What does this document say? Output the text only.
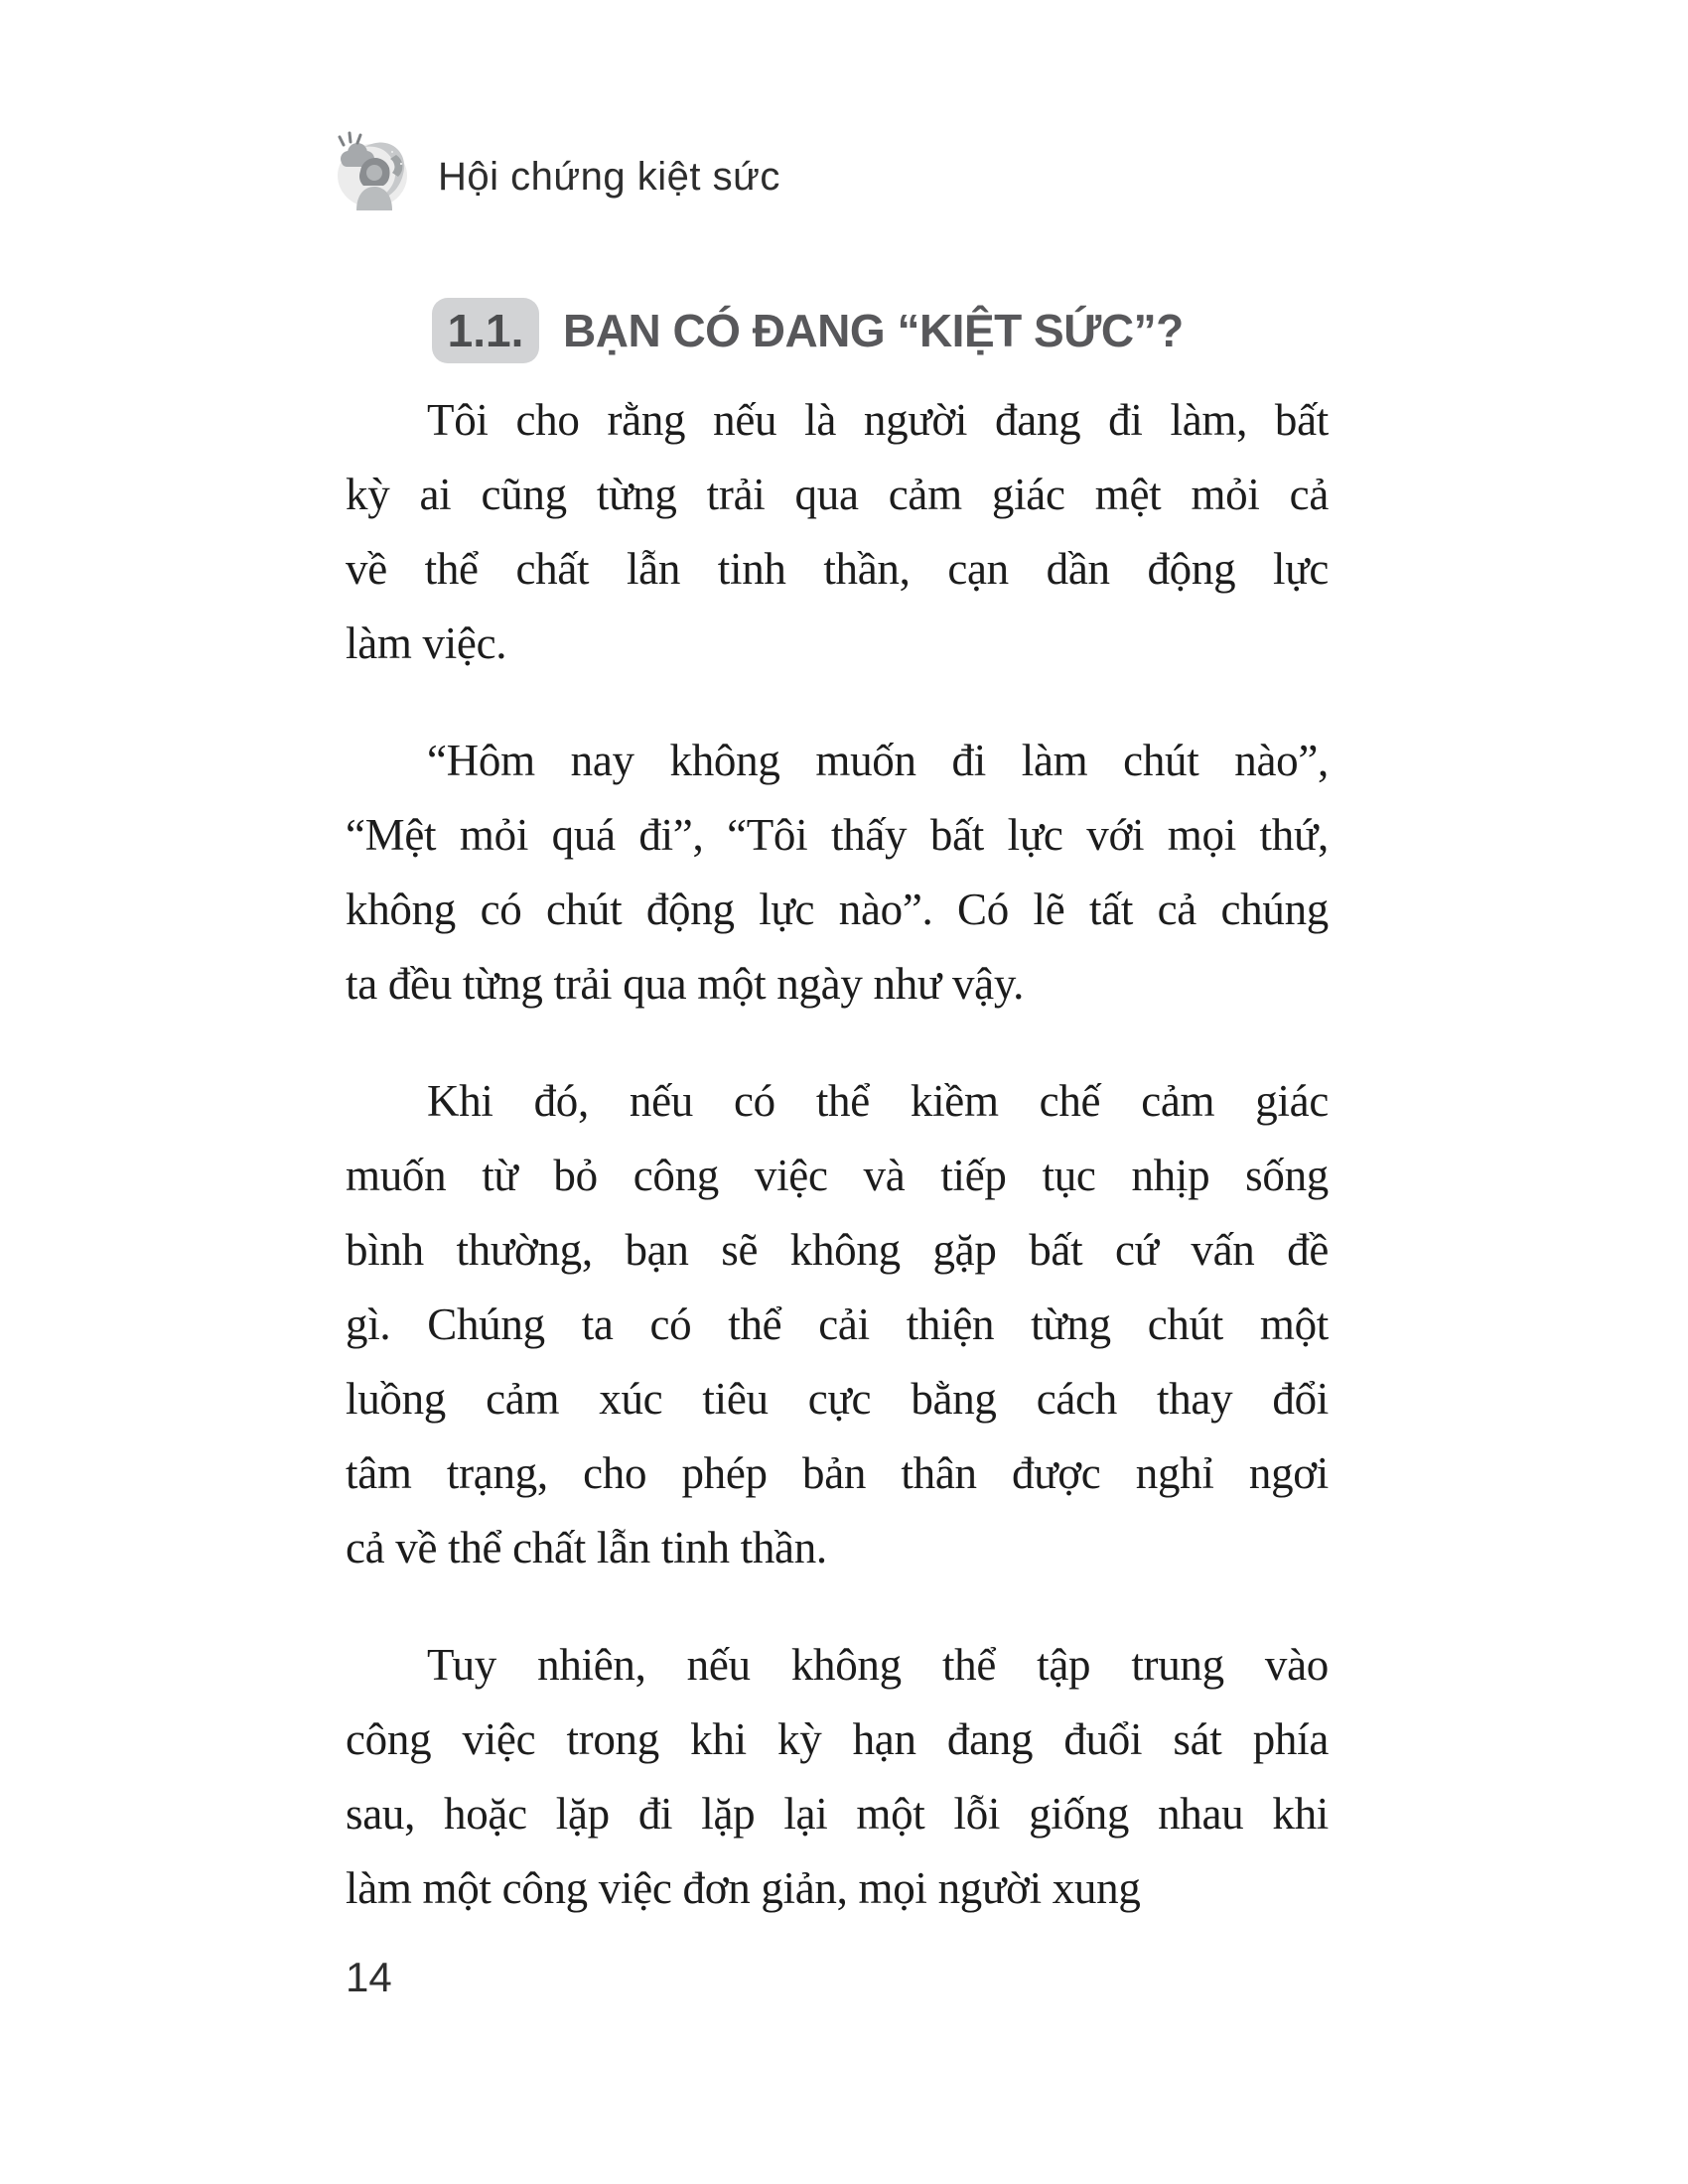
Hội chứng kiệt sức
1.1. BẠN CÓ ĐANG “KIỆT SỨC”?
Tôi cho rằng nếu là người đang đi làm, bất
kỳ ai cũng từng trải qua cảm giác mệt mỏi cả
về thể chất lẫn tinh thần, cạn dần động lực
làm việc.
“Hôm nay không muốn đi làm chút nào”,
“Mệt mỏi quá đi”, “Tôi thấy bất lực với mọi thứ,
không có chút động lực nào”. Có lẽ tất cả chúng
ta đều từng trải qua một ngày như vậy.
Khi đó, nếu có thể kiềm chế cảm giác
muốn từ bỏ công việc và tiếp tục nhịp sống
bình thường, bạn sẽ không gặp bất cứ vấn đề
gì. Chúng ta có thể cải thiện từng chút một
luồng cảm xúc tiêu cực bằng cách thay đổi
tâm trạng, cho phép bản thân được nghỉ ngơi
cả về thể chất lẫn tinh thần.
Tuy nhiên, nếu không thể tập trung vào
công việc trong khi kỳ hạn đang đuổi sát phía
sau, hoặc lặp đi lặp lại một lỗi giống nhau khi
làm một công việc đơn giản, mọi người xung
14
